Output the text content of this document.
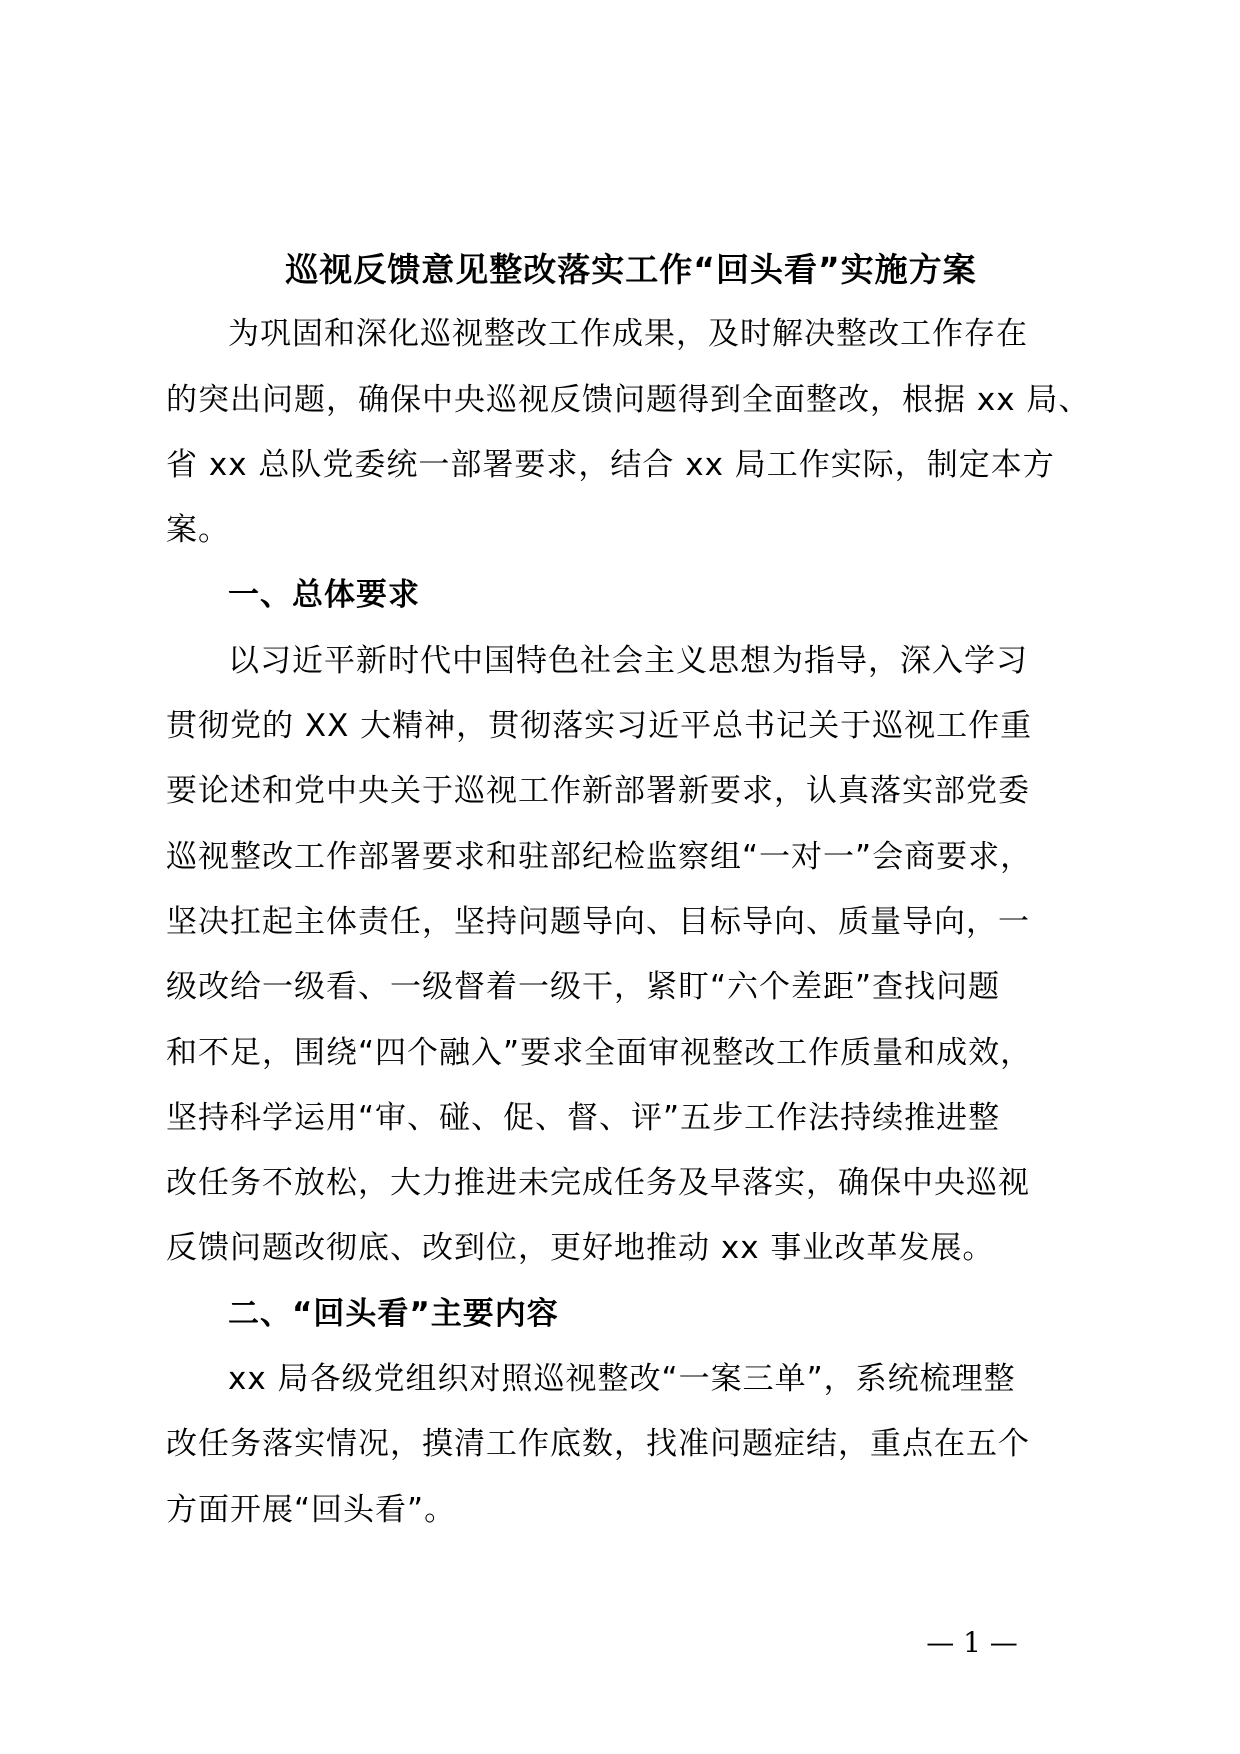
巡视反馈意见整改落实工作“回头看”实施方案
为巩固和深化巡视整改工作成果，及时解决整改工作存在
的突出问题，确保中央巡视反馈问题得到全面整改，根据 xx 局、
省 xx 总队党委统一部署要求，结合 xx 局工作实际，制定本方
案。
一、总体要求
以习近平新时代中国特色社会主义思想为指导，深入学习
贯彻党的 XX 大精神，贯彻落实习近平总书记关于巡视工作重
要论述和党中央关于巡视工作新部署新要求，认真落实部党委
巡视整改工作部署要求和驻部纪检监察组“一对一”会商要求，
坚决扛起主体责任，坚持问题导向、目标导向、质量导向，一
级改给一级看、一级督着一级干，紧盯“六个差距”查找问题
和不足，围绕“四个融入”要求全面审视整改工作质量和成效，
坚持科学运用“审、碰、促、督、评”五步工作法持续推进整
改任务不放松，大力推进未完成任务及早落实，确保中央巡视
反馈问题改彻底、改到位，更好地推动 xx 事业改革发展。
二、“回头看”主要内容
xx 局各级党组织对照巡视整改“一案三单”，系统梳理整
改任务落实情况，摸清工作底数，找准问题症结，重点在五个
方面开展“回头看”。
— 1 —
